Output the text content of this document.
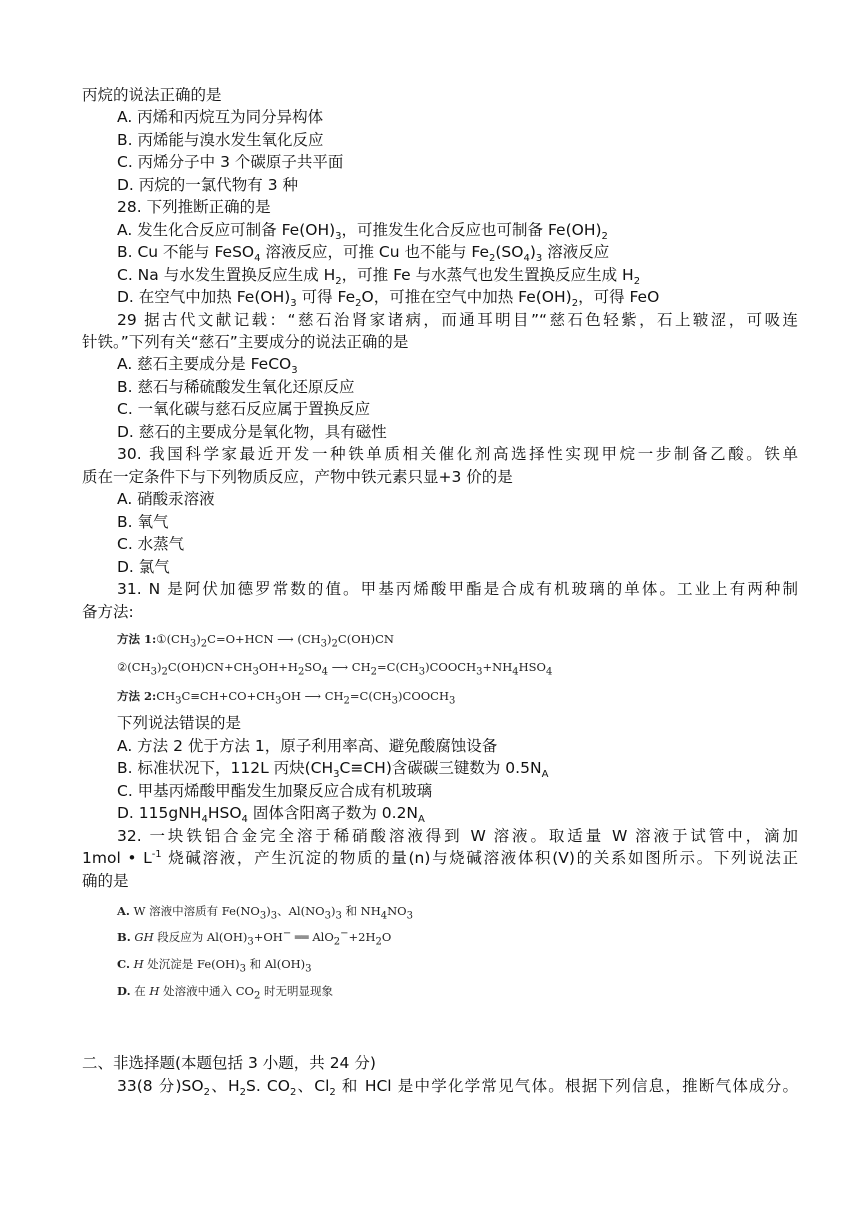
丙烷的说法正确的是
A. 丙烯和丙烷互为同分异构体
B. 丙烯能与溴水发生氧化反应
C. 丙烯分子中 3 个碳原子共平面
D. 丙烷的一氯代物有 3 种
28. 下列推断正确的是
A. 发生化合反应可制备 $Fe(OH)_3$，可推发生化合反应也可制备 $Fe(OH)_2$
B. Cu 不能与 FeSO$_4$ 溶液反应，可推 Cu 也不能与 $Fe_2(SO_4)_3$ 溶液反应
C. Na 与水发生置换反应生成 $H_2$，可推 Fe 与水蒸气也发生置换反应生成 $H_2$
D. 在空气中加热 $Fe(OH)_3$ 可得 $Fe_2O$，可推在空气中加热 $Fe(OH)_2$，可得 FeO
29 据古代文献记载：“慈石治肾家诸病，而通耳明目”“慈石色轻紫，石上皲涩，可吸连
针铁。”下列有关“慈石”主要成分的说法正确的是
A. 慈石主要成分是 FeCO$_3$
B. 慈石与稀硫酸发生氧化还原反应
C. 一氧化碳与慈石反应属于置换反应
D. 慈石的主要成分是氧化物，具有磁性
30. 我国科学家最近开发一种铁单质相关催化剂高选择性实现甲烷一步制备乙酸。铁单
质在一定条件下与下列物质反应，产物中铁元素只显+3 价的是
A. 硝酸汞溶液
B. 氧气
C. 水蒸气
D. 氯气
31. N 是阿伏加德罗常数的值。甲基丙烯酸甲酯是合成有机玻璃的单体。工业上有两种制
备方法:
方法 $1:①(CH_3)_2C=O+HCN$ ⟶ $(CH_3)_2C(OH)CN$
$②(CH_3)_2C(OH)CN+CH_3OH+H_2SO_4$ ⟶ $CH_2=C(CH_3)COOCH_3+NH_4HSO_4$
方法 $2:CH_3C\equiv CH+CO+CH_3OH$ ⟶ $CH_2=C(CH_3)COOCH_3$
下列说法错误的是
A. 方法 2 优于方法 1，原子利用率高、避免酸腐蚀设备
B. 标准状况下，112L 丙炔$(CH_3C\equiv CH)$含碳碳三键数为 $0.5N_A$
C. 甲基丙烯酸甲酯发生加聚反应合成有机玻璃
D. $115gNH_4HSO_4$ 固体含阳离子数为 $0.2N_A$
32. 一块铁铝合金完全溶于稀硝酸溶液得到 W 溶液。取适量 W 溶液于试管中，滴加
1mol • $L^{-1}$ 烧碱溶液，产生沉淀的物质的量(n)与烧碱溶液体积(V)的关系如图所示。下列说法正
确的是
A. W 溶液中溶质有 $Fe(NO_3)_3$、$Al(NO_3)_3$ 和 $NH_4NO_3$
B. GH 段反应为 $Al(OH)_3+OH^-$ ══ $AlO_2^-+2H_2O$
C. H 处沉淀是 $Fe(OH)_3$ 和 $Al(OH)_3$
D. 在 H 处溶液中通入 $CO_2$ 时无明显现象
二、非选择题(本题包括 3 小题，共 24 分)
33(8 分)$SO_2$、$H_2S$. $CO_2$、$Cl_2$ 和 HCl 是中学化学常见气体。根据下列信息，推断气体成分。
